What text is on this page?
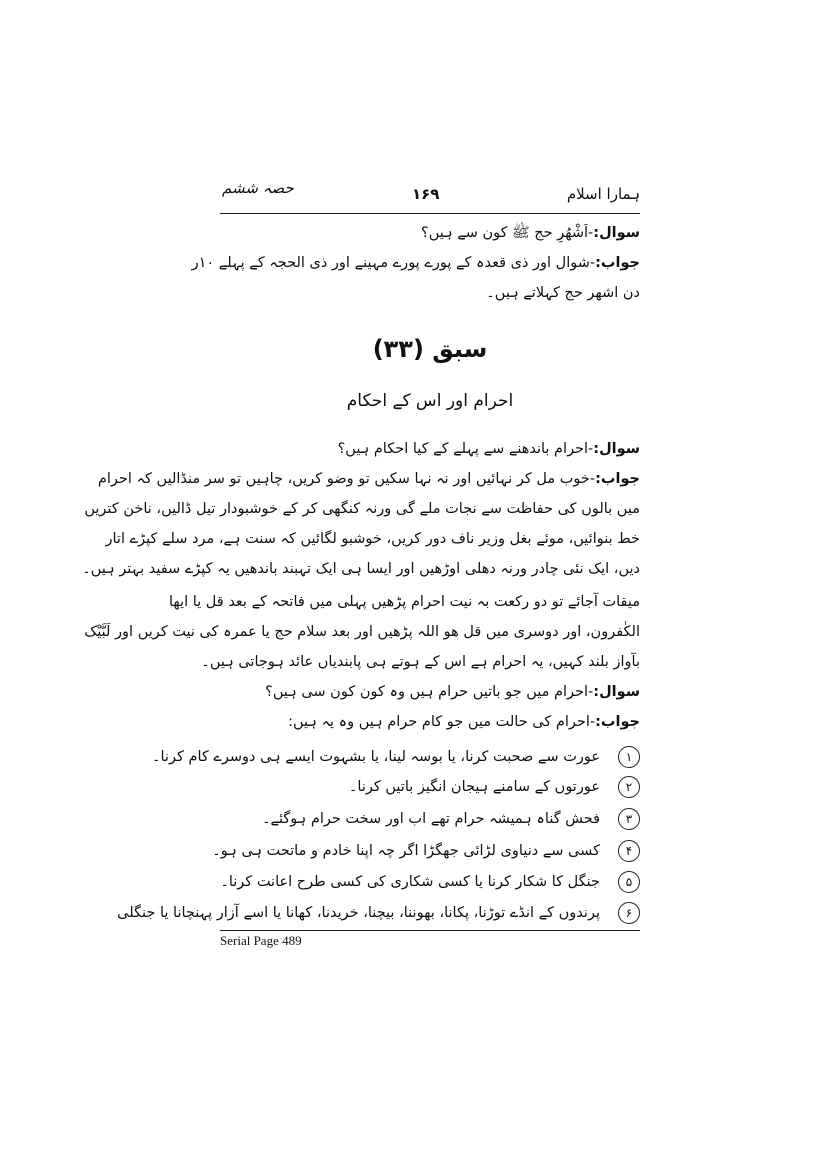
ہمارا اسلام
۱۶۹
حصہ ششم
سوال:-اَشْھُرِ حج ﷺ کون سے ہیں؟
جواب:-شوال اور ذی قعدہ کے پورے پورے مہینے اور ذی الحجہ کے پہلے ۱۰ر
دن اشھر حج کہلاتے ہیں۔
سبق (۳۳)
احرام اور اس کے احکام
سوال:-احرام باندھنے سے پہلے کے کیا احکام ہیں؟
جواب:-خوب مل کر نہائیں اور نہ نہا سکیں تو وضو کریں، چاہیں تو سر منڈالیں کہ احرام
میں بالوں کی حفاظت سے نجات ملے گی ورنہ کنگھی کر کے خوشبودار تیل ڈالیں، ناخن کتریں
خط بنوائیں، موئے بغل وزیر ناف دور کریں، خوشبو لگائیں کہ سنت ہے، مرد سلے کپڑے اتار
دیں، ایک نئی چادر ورنہ دھلی اوڑھیں اور ایسا ہی ایک تہبند باندھیں یہ کپڑے سفید بہتر ہیں۔
میقات آجائے تو دو رکعت بہ نیت احرام پڑھیں پہلی میں فاتحہ کے بعد قل یا ایھا
الکٰفرون، اور دوسری میں قل ھو اللہ پڑھیں اور بعد سلام حج یا عمرہ کی نیت کریں اور لَبَّیْک
بآواز بلند کہیں، یہ احرام ہے اس کے ہوتے ہی پابندیاں عائد ہوجاتی ہیں۔
سوال:-احرام میں جو باتیں حرام ہیں وہ کون کون سی ہیں؟
جواب:-احرام کی حالت میں جو کام حرام ہیں وہ یہ ہیں:
۱
عورت سے صحبت کرنا، یا بوسہ لینا، یا بشہوت ایسے ہی دوسرے کام کرنا۔
۲
عورتوں کے سامنے ہیجان انگیز باتیں کرنا۔
۳
فحش گناہ ہمیشہ حرام تھے اب اور سخت حرام ہوگئے۔
۴
کسی سے دنیاوی لڑائی جھگڑا اگر چہ اپنا خادم و ماتحت ہی ہو۔
۵
جنگل کا شکار کرنا یا کسی شکاری کی کسی طرح اعانت کرنا۔
۶
پرندوں کے انڈے توڑنا، پکانا، بھوننا، بیچنا، خریدنا، کھانا یا اسے آزار پہنچانا یا جنگلی
Serial Page 489
